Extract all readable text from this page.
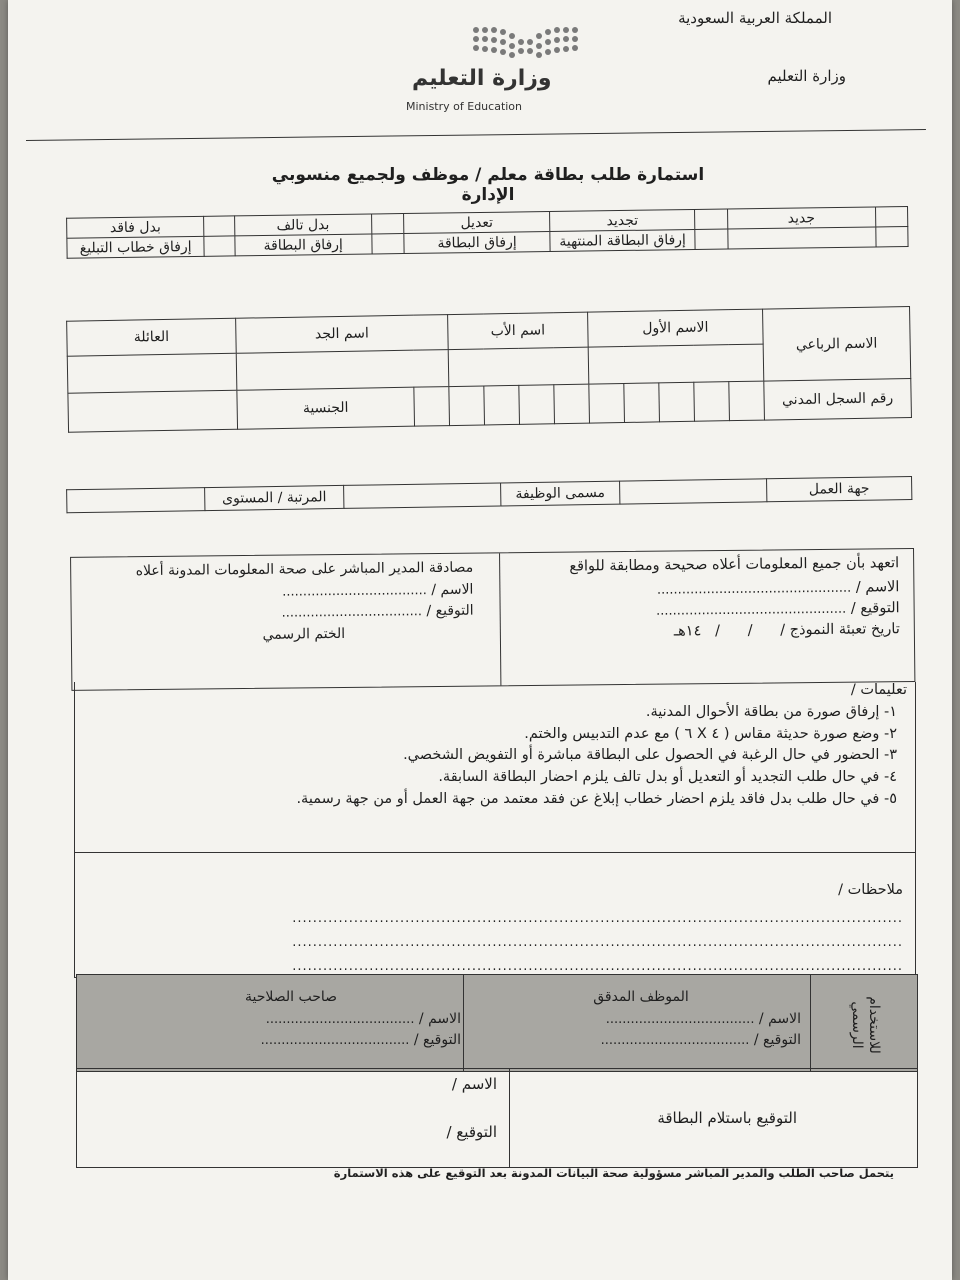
المملكة العربية السعودية
وزارة التعليم
وزارة التعليم
Ministry of Education
استمارة طلب بطاقة معلم / موظف ولجميع منسوبي الإدارة
	جديد		تجديد	تعديل		بدل تالف		بدل فاقد
			إرفاق البطاقة المنتهية	إرفاق البطاقة		إرفاق البطاقة		إرفاق خطاب التبليغ
الاسم الرباعي	الاسم الأول					اسم الأب				اسم الجد		العائلة

رقم السجل المدني											الجنسية	
جهة العمل		مسمى الوظيفة		المرتبة / المستوى	
اتعهد بأن جميع المعلومات أعلاه صحيحة ومطابقة للواقع
الاسم / ...............................................
التوقيع / ..............................................
تاريخ تعبئة النموذج /      /      /   ١٤هـ
مصادقة المدير المباشر على صحة المعلومات المدونة أعلاه
الاسم / ...................................
التوقيع / ..................................
الختم الرسمي
تعليمات /
١- إرفاق صورة من بطاقة الأحوال المدنية.
٢- وضع صورة حديثة مقاس ( ٤ X ٦ ) مع عدم التدبيس والختم.
٣- الحضور في حال الرغبة في الحصول على البطاقة مباشرة أو التفويض الشخصي.
٤- في حال طلب التجديد أو التعديل أو بدل تالف يلزم احضار البطاقة السابقة.
٥- في حال طلب بدل فاقد يلزم احضار خطاب إبلاغ عن فقد معتمد من جهة العمل أو من جهة رسمية.
ملاحظات /
.......................................................................................................................
.......................................................................................................................
.......................................................................................................................
للاستخدام الرسمي
الموظف المدقق
الاسم / ....................................
التوقيع / ....................................
صاحب الصلاحية
الاسم / ....................................
التوقيع / ....................................
التوقيع باستلام البطاقة
الاسم /
التوقيع /
يتحمل صاحب الطلب والمدير المباشر مسؤولية صحة البيانات المدونة بعد التوقيع على هذه الاستمارة
